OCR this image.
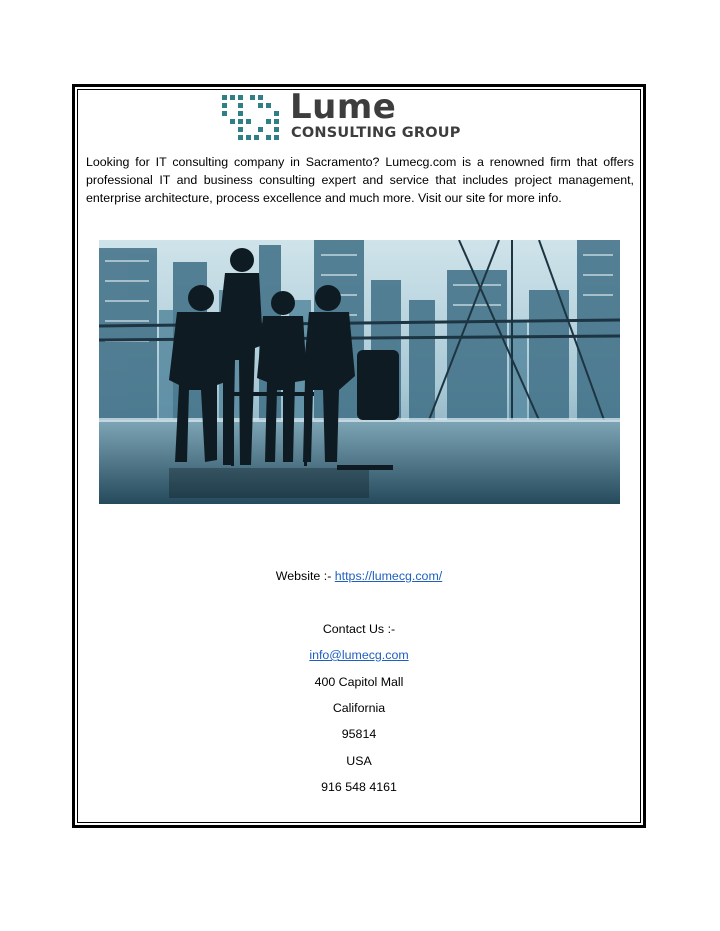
Lume
CONSULTING GROUP

Looking for IT consulting company in Sacramento? Lumecg.com is a renowned firm that offers professional IT and business consulting expert and service that includes project management, enterprise architecture, process excellence and much more. Visit our site for more info.

Website :- https://lumecg.com/

Contact Us :-

info@lumecg.com

400 Capitol Mall

California

95814

USA

916 548 4161
